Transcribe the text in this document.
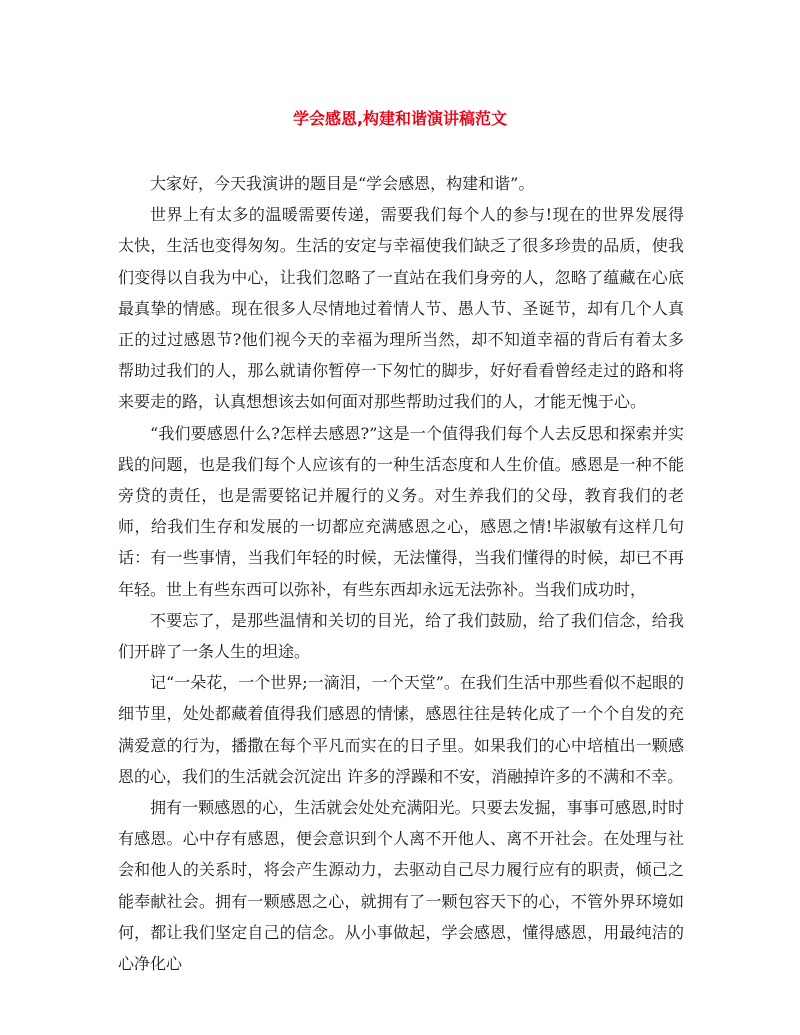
学会感恩,构建和谐演讲稿范文

大家好，今天我演讲的题目是“学会感恩，构建和谐”。

世界上有太多的温暖需要传递，需要我们每个人的参与!现在的世界发展得太快，生活也变得匆匆。生活的安定与幸福使我们缺乏了很多珍贵的品质，使我们变得以自我为中心，让我们忽略了一直站在我们身旁的人，忽略了蕴藏在心底最真挚的情感。现在很多人尽情地过着情人节、愚人节、圣诞节，却有几个人真正的过过感恩节?他们视今天的幸福为理所当然，却不知道幸福的背后有着太多帮助过我们的人，那么就请你暂停一下匆忙的脚步，好好看看曾经走过的路和将来要走的路，认真想想该去如何面对那些帮助过我们的人，才能无愧于心。

“我们要感恩什么?怎样去感恩?”这是一个值得我们每个人去反思和探索并实践的问题，也是我们每个人应该有的一种生活态度和人生价值。感恩是一种不能旁贷的责任，也是需要铭记并履行的义务。对生养我们的父母，教育我们的老师，给我们生存和发展的一切都应充满感恩之心，感恩之情!毕淑敏有这样几句话：有一些事情，当我们年轻的时候，无法懂得，当我们懂得的时候，却已不再年轻。世上有些东西可以弥补，有些东西却永远无法弥补。当我们成功时，

不要忘了，是那些温情和关切的目光，给了我们鼓励，给了我们信念，给我们开辟了一条人生的坦途。

记“一朵花，一个世界;一滴泪，一个天堂”。在我们生活中那些看似不起眼的细节里，处处都藏着值得我们感恩的情愫，感恩往往是转化成了一个个自发的充满爱意的行为，播撒在每个平凡而实在的日子里。如果我们的心中培植出一颗感恩的心，我们的生活就会沉淀出 许多的浮躁和不安，消融掉许多的不满和不幸。

拥有一颗感恩的心，生活就会处处充满阳光。只要去发掘，事事可感恩,时时有感恩。心中存有感恩，便会意识到个人离不开他人、离不开社会。在处理与社会和他人的关系时，将会产生源动力，去驱动自己尽力履行应有的职责，倾己之能奉献社会。拥有一颗感恩之心，就拥有了一颗包容天下的心，不管外界环境如何，都让我们坚定自己的信念。从小事做起，学会感恩，懂得感恩，用最纯洁的心净化心
